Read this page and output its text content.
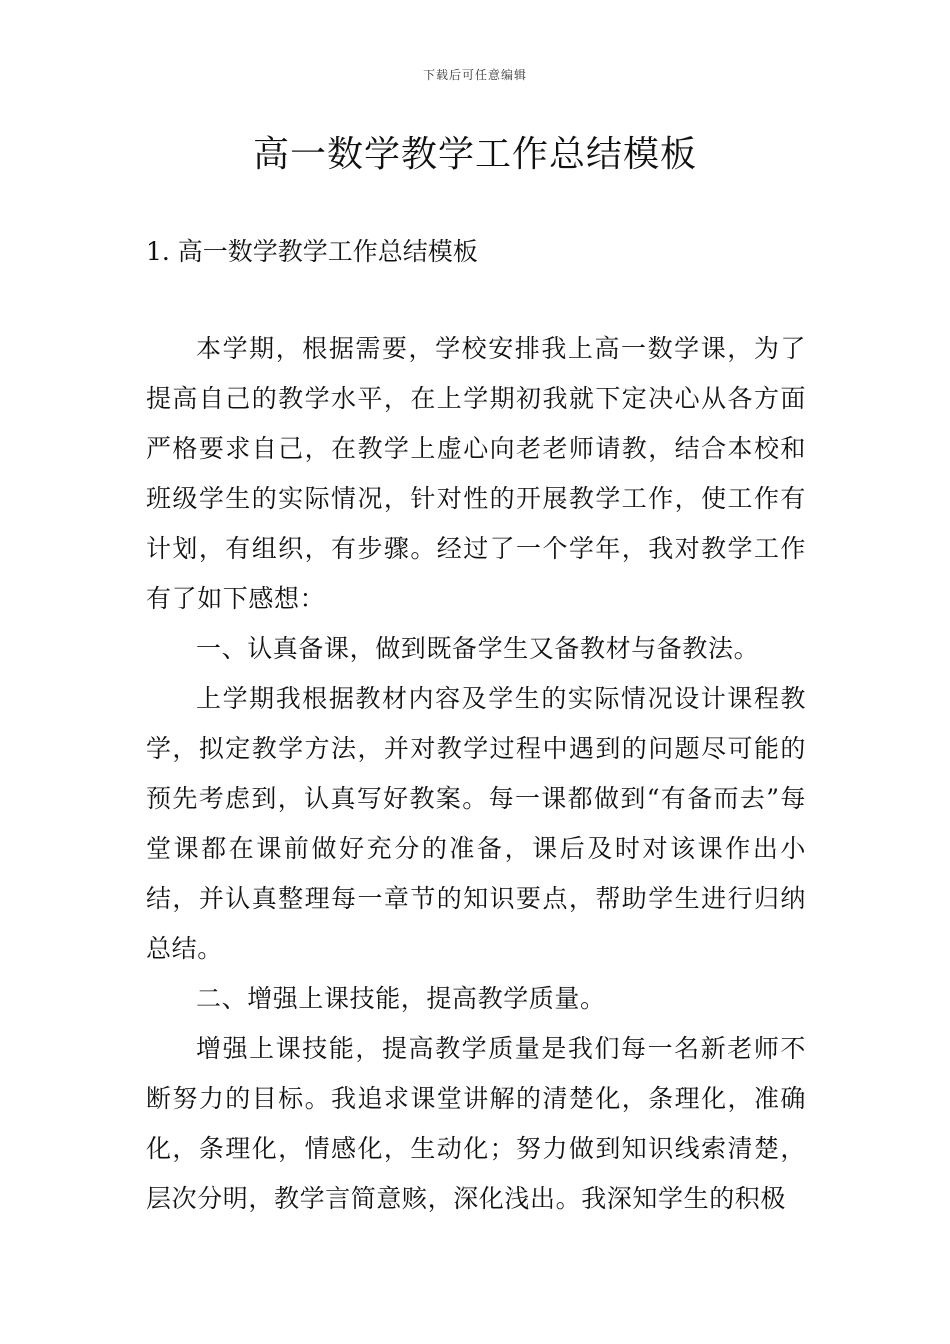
下载后可任意编辑
高一数学教学工作总结模板
1. 高一数学教学工作总结模板

本学期，根据需要，学校安排我上高一数学课，为了提高自己的教学水平，在上学期初我就下定决心从各方面严格要求自己，在教学上虚心向老老师请教，结合本校和班级学生的实际情况，针对性的开展教学工作，使工作有计划，有组织，有步骤。经过了一个学年，我对教学工作有了如下感想：

一、认真备课，做到既备学生又备教材与备教法。

上学期我根据教材内容及学生的实际情况设计课程教学，拟定教学方法，并对教学过程中遇到的问题尽可能的预先考虑到，认真写好教案。每一课都做到“有备而去”每堂课都在课前做好充分的准备，课后及时对该课作出小结，并认真整理每一章节的知识要点，帮助学生进行归纳总结。

二、增强上课技能，提高教学质量。

增强上课技能，提高教学质量是我们每一名新老师不断努力的目标。我追求课堂讲解的清楚化，条理化，准确化，条理化，情感化，生动化；努力做到知识线索清楚，层次分明，教学言简意赅，深化浅出。我深知学生的积极
